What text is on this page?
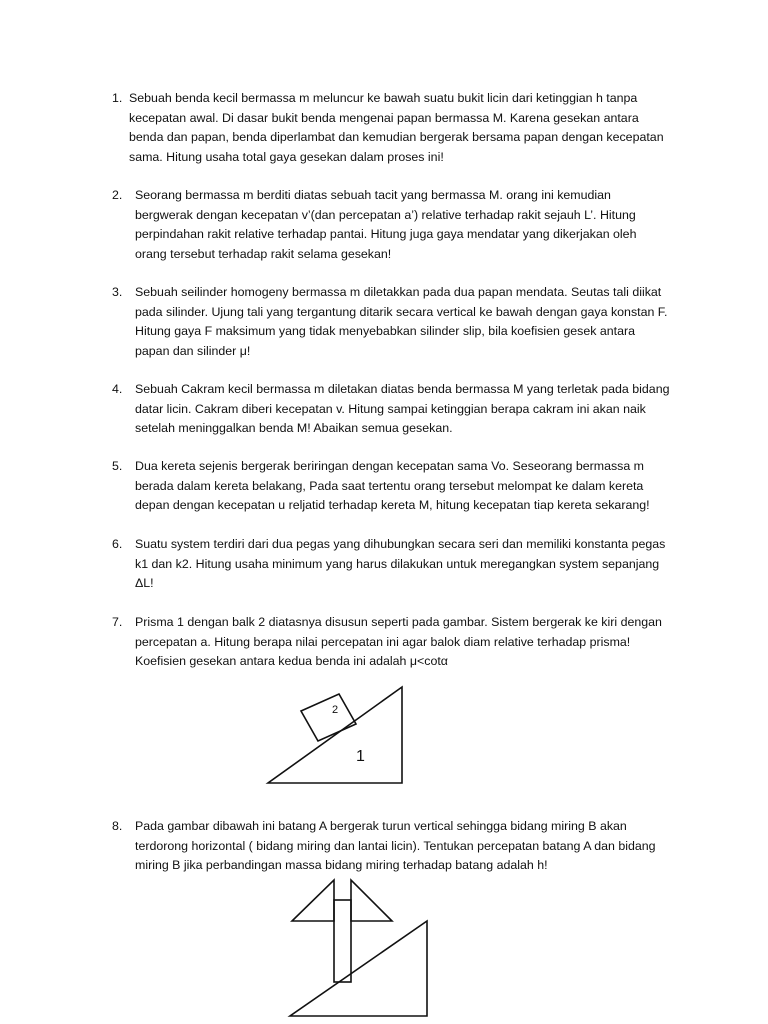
1. Sebuah benda kecil bermassa m meluncur ke bawah suatu bukit licin dari ketinggian h tanpa
kecepatan awal. Di dasar bukit benda mengenai papan bermassa M. Karena gesekan antara
benda dan papan, benda diperlambat dan kemudian bergerak bersama papan dengan kecepatan
sama. Hitung usaha total gaya gesekan dalam proses ini!
2.	Seorang bermassa m berditi diatas sebuah tacit yang bermassa M. orang ini kemudian
bergwerak dengan kecepatan v’(dan percepatan a’) relative terhadap rakit sejauh L’. Hitung
perpindahan rakit relative terhadap pantai. Hitung juga gaya mendatar yang dikerjakan oleh
orang tersebut terhadap rakit selama gesekan!
3.	Sebuah seilinder homogeny bermassa m diletakkan pada dua papan mendata. Seutas tali diikat
pada silinder. Ujung tali yang tergantung ditarik secara vertical ke bawah dengan gaya konstan F.
Hitung gaya F maksimum yang tidak menyebabkan silinder slip, bila koefisien gesek antara
papan dan silinder μ!
4.	Sebuah Cakram kecil bermassa m diletakan diatas benda bermassa M yang terletak pada bidang
datar licin. Cakram diberi kecepatan v. Hitung sampai ketinggian berapa cakram ini akan naik
setelah meninggalkan benda M! Abaikan semua gesekan.
5.	Dua kereta sejenis bergerak beriringan dengan kecepatan sama Vo. Seseorang bermassa m
berada dalam kereta belakang, Pada saat tertentu orang tersebut melompat ke dalam kereta
depan dengan kecepatan u reljatid terhadap kereta M, hitung kecepatan tiap kereta sekarang!
6.	Suatu system terdiri dari dua pegas yang dihubungkan secara seri dan memiliki konstanta pegas
k1 dan k2. Hitung usaha minimum yang harus dilakukan untuk meregangkan system sepanjang
ΔL!
7.	Prisma 1 dengan balk 2 diatasnya disusun seperti pada gambar. Sistem bergerak ke kiri dengan
percepatan a. Hitung berapa nilai percepatan ini agar balok diam relative terhadap prisma!
Koefisien gesekan antara kedua benda ini adalah μ<cotα
2
1
8.	Pada gambar dibawah ini batang A bergerak turun vertical sehingga bidang miring B akan
terdorong horizontal ( bidang miring dan lantai licin). Tentukan percepatan batang A dan bidang
miring B jika perbandingan massa bidang miring terhadap batang adalah h!
